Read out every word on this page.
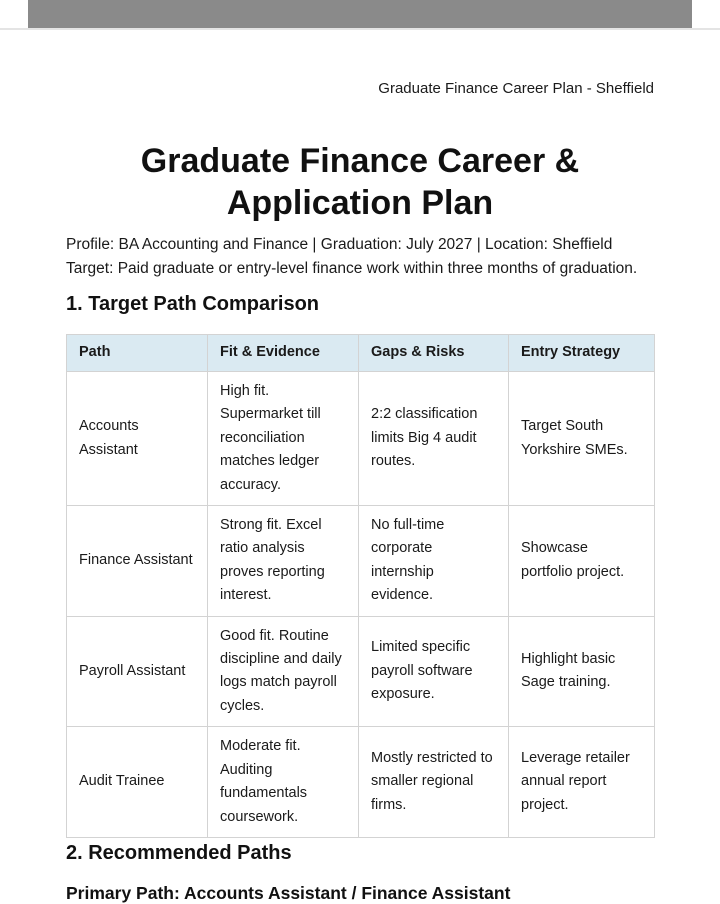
Graduate Finance Career Plan - Sheffield
Graduate Finance Career & Application Plan
Profile: BA Accounting and Finance | Graduation: July 2027 | Location: Sheffield
Target: Paid graduate or entry-level finance work within three months of graduation.
1. Target Path Comparison
Path	Fit & Evidence	Gaps & Risks	Entry Strategy
Accounts Assistant	High fit. Supermarket till reconciliation matches ledger accuracy.	2:2 classification limits Big 4 audit routes.	Target South Yorkshire SMEs.
Finance Assistant	Strong fit. Excel ratio analysis proves reporting interest.	No full-time corporate internship evidence.	Showcase portfolio project.
Payroll Assistant	Good fit. Routine discipline and daily logs match payroll cycles.	Limited specific payroll software exposure.	Highlight basic Sage training.
Audit Trainee	Moderate fit. Auditing fundamentals coursework.	Mostly restricted to smaller regional firms.	Leverage retailer annual report project.
2. Recommended Paths
Primary Path: Accounts Assistant / Finance Assistant
